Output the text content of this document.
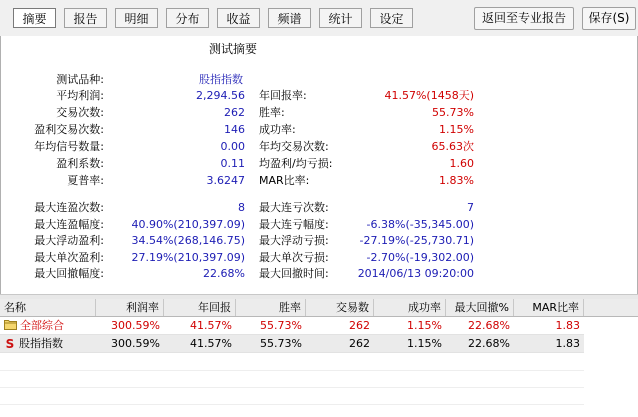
摘要	报告	明细	分布	收益	频谱	统计	设定	返回至专业报告	保存(S)
测试摘要
测试品种:	股指指数
平均利润:	2,294.56 年回报率:	41.57%(1458天)
交易次数:	262 胜率:	55.73%
盈利交易次数:	146 成功率:	1.15%
年均信号数量:	0.00 年均交易次数:	65.63次
盈利系数:	0.11 均盈利/均亏损:	1.60
夏普率:	3.6247 MAR比率:	1.83%
最大连盈次数:	8 最大连亏次数:	7
最大连盈幅度: 40.90%(210,397.09) 最大连亏幅度:	-6.38%(-35,345.00)
最大浮动盈利: 34.54%(268,146.75) 最大浮动亏损:	-27.19%(-25,730.71)
最大单次盈利: 27.19%(210,397.09) 最大单次亏损:	-2.70%(-19,302.00)
最大回撤幅度:	22.68% 最大回撤时间:	2014/06/13 09:20:00
名称	利润率	年回报	胜率	交易数	成功率	最大回撤%	MAR比率
全部综合	300.59%	41.57%	55.73%	262	1.15%	22.68%	1.83
S 股指指数	300.59%	41.57%	55.73%	262	1.15%	22.68%	1.83
